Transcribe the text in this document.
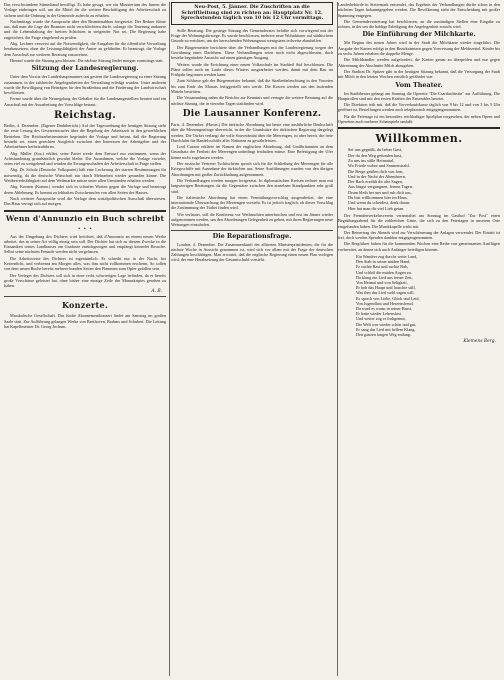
Das verschwundene Stimmband bewilligt. Es habe gesagt, wie ein Ministerium des Innern die Vorlage einbringen soll, um die Mittel für die weitere Beschäftigung der Arbeiterschaft zu sichern und die Ordnung in der Gemeinde aufrecht zu erhalten.

Nachmittags wurde die Aussprache über den Beamtenabbau fortgesetzt. Der Redner führte aus, daß man die Lage der Beamten nicht verschlechtern dürfe, solange die Teuerung andauere und die Lebenshaltung der breiten Schichten in steigender Not sei. Die Regierung habe zugesichert, die Frage eingehend zu prüfen.

Abg. Lechner verweist auf die Notwendigkeit, die Ausgaben für die öffentliche Verwaltung herabzusetzen, ohne die Leistungsfähigkeit der Ämter zu gefährden. Er beantragt, die Vorlage dem Ausschuß zur weiteren Beratung zuzuweisen.

Hierauf wurde die Sitzung geschlossen. Die nächste Sitzung findet morgen vormittags statt.

Sitzung der Landesregierung.

Unter dem Vorsitz des Landeshauptmannes trat gestern die Landesregierung zu einer Sitzung zusammen, in der zahlreiche Angelegenheiten der Verwaltung erledigt wurden. Unter anderem wurde die Bewilligung von Beiträgen für den Straßenbau und die Förderung der Landwirtschaft beschlossen.

Ferner wurde über die Neuregelung der Gehälter für die Landesangestellten beraten und ein Ausschuß mit der Ausarbeitung der Vorschläge betraut.

Reichstag.

Berlin, 4. Dezember. (Eigener Drahtbericht.) Auf der Tagesordnung der heutigen Sitzung steht die erste Lesung des Gesetzentwurfes über die Regelung der Arbeitszeit in den gewerblichen Betrieben. Der Reichsarbeitsminister begründet die Vorlage und betont, daß die Regierung bestrebt sei, einen gerechten Ausgleich zwischen den Interessen der Arbeitgeber und der Arbeitnehmer herbeizuführen.

Abg. Müller (Soz.) erklärt, seine Partei werde dem Entwurf nur zustimmen, wenn der Achtstundentag grundsätzlich gewahrt bleibe. Die Ausnahmen, welche die Vorlage vorsehe, seien viel zu weitgehend und würden die Errungenschaften der Arbeiterschaft in Frage stellen.

Abg. Dr. Scholz (Deutsche Volkspartei) hält eine Lockerung der starren Bestimmungen für notwendig, da die deutsche Wirtschaft nur durch Mehrarbeit wieder gesunden könne. Die Wettbewerbsfähigkeit auf dem Weltmarkte müsse unter allen Umständen erhalten werden.

Abg. Koenen (Komm.) wendet sich in scharfen Worten gegen die Vorlage und beantragt deren Ablehnung. Es kommt zu lebhaften Zwischenrufen von allen Seiten des Hauses.

Nach weiterer Aussprache wird die Vorlage dem sozialpolitischen Ausschuß überwiesen. Das Haus vertagt sich auf morgen.

Wenn d'Annunzio ein Buch schreibt . . .

Aus der Umgebung des Dichters wird berichtet, daß d'Annunzio an einem neuen Werke arbeitet, das in seiner Art völlig einzig sein soll. Der Dichter hat sich zu diesem Zwecke in die Einsamkeit seines Landhauses am Gardasee zurückgezogen und empfängt keinerlei Besuche. Selbst seine nächsten Freunde werden nicht vorgelassen.

Die Arbeitsweise des Dichters ist eigentümlich. Er schreibt nur in der Nacht, bei Kerzenlicht, und verbrennt am Morgen alles, was ihm nicht vollkommen erscheint. So sollen von dem neuen Buche bereits mehrere hundert Seiten den Flammen zum Opfer gefallen sein.

Der Verleger des Dichters soll sich in einer recht schwierigen Lage befinden, da er bereits große Vorschüsse geleistet hat, ohne bisher eine einzige Zeile des Manuskriptes gesehen zu haben.

A. B.
Konzerte.

Musikalische Gesellschaft. Das fünfte Abonnementkonzert findet am Samstag im großen Saale statt. Zur Aufführung gelangen Werke von Beethoven, Brahms und Schubert. Die Leitung hat Kapellmeister Dr. Georg Jochum.

Neu-Post, 5. Jänner. Die Zuschriften an die Schriftleitung sind zu richten an: Hauptplatz Nr. 12. Sprechstunden täglich von 10 bis 12 Uhr vormittags.

Stille Beratung. Die gestrige Sitzung des Gemeinderates befaßte sich vorwiegend mit der Frage der Wohnungsfürsorge. Es wurde beschlossen, mehrere neue Wohnhäuser auf städtischem Grunde zu errichten, um der herrschenden Wohnungsnot wenigstens teilweise abzuhelfen.

Der Bürgermeister berichtete über die Verhandlungen mit der Landesregierung wegen der Gewährung eines Darlehens. Diese Verhandlungen seien noch nicht abgeschlossen, doch bestehe begründete Aussicht auf einen günstigen Ausgang.

Weiters wurde die Errichtung einer neuen Volksschule im Stadtteil Süd beschlossen. Die Pläne sollen noch im Laufe dieses Winters ausgearbeitet werden, damit mit dem Bau im Frühjahr begonnen werden kann.

Zum Schlusse gab der Bürgermeister bekannt, daß die Straßenbeleuchtung in den Vororten bis zum Ende des Monats fertiggestellt sein werde. Die Kosten werden aus den laufenden Mitteln bestritten.

Die Versammlung nahm die Berichte zur Kenntnis und vertagte die weitere Beratung auf die nächste Sitzung, die in vierzehn Tagen stattfinden wird.

Die Lausanner Konferenz.

Paris, 4. Dezember. (Havas.) Die türkische Abordnung hat heute eine ausführliche Denkschrift über die Meerengenfrage überreicht, in der die Grundsätze der türkischen Regierung dargelegt werden. Die Türkei verlangt die volle Souveränität über die Meerengen, ist aber bereit, die freie Durchfahrt für Handelsschiffe aller Nationen zu gewährleisten.

Lord Curzon erklärte im Namen der englischen Abordnung, daß Großbritannien an dem Grundsatz der Freiheit der Meerengen unbedingt festhalten müsse. Eine Befestigung der Ufer könne nicht zugelassen werden.

Der russische Vertreter Tschitscherin sprach sich für die Schließung der Meerengen für alle Kriegsschiffe mit Ausnahme der türkischen aus. Seine Ausführungen wurden von den übrigen Abordnungen mit großer Zurückhaltung aufgenommen.

Die Verhandlungen werden morgen fortgesetzt. In diplomatischen Kreisen rechnet man mit langwierigen Beratungen, da die Gegensätze zwischen den einzelnen Standpunkten sehr groß sind.

Die italienische Abordnung hat einen Vermittlungsvorschlag ausgearbeitet, der eine internationale Überwachung der Meerengen vorsieht. Es ist jedoch fraglich, ob dieser Vorschlag die Zustimmung der Türkei finden wird.

Wie verlautet, soll die Konferenz vor Weihnachten unterbrochen und erst im Jänner wieder aufgenommen werden, um den Abordnungen Gelegenheit zu geben, mit ihren Regierungen neue Weisungen einzuholen.

Die Reparationsfrage.

London, 4. Dezember. Die Zusammenkunft der alliierten Ministerpräsidenten, die für die nächste Woche in Aussicht genommen ist, wird sich vor allem mit der Frage der deutschen Zahlungen beschäftigen. Man erwartet, daß die englische Regierung einen neuen Plan vorlegen wird, der eine Herabsetzung der Gesamtschuld vorsieht.

Landesbehörde in Steiermark entsendet, das Ergebnis der Verhandlungen dürfte schon in den nächsten Tagen bekanntgegeben werden. Die Bevölkerung sieht der Entscheidung mit großer Spannung entgegen.

Die Gemeindevertretung hat beschlossen, an die zuständigen Stellen eine Eingabe zu richten, in der um die baldige Erledigung der Angelegenheit ersucht wird.

Die Einführung der Milchkarte.

Mit Beginn des neuen Jahres wird in der Stadt die Milchkarte wieder eingeführt. Die Ausgabe der Karten erfolgt in den Bezirksämtern gegen Vorweisung der Meldezettel. Kinder bis zu sechs Jahren erhalten die doppelte Menge.

Die Milchhändler werden aufgefordert, die Karten genau zu überprüfen und nur gegen Abtrennung der Abschnitte Milch abzugeben.

Der Stadtrat Dr. Spitzer gibt in der heutigen Sitzung bekannt, daß die Versorgung der Stadt mit Milch in den letzten Wochen ernstlich gefährdet war.

Vom Theater.

Im Stadttheater gelangt am Sonntag die Operette "Die Csardasfürstin" zur Aufführung. Die Hauptrollen sind mit den ersten Kräften des Ensembles besetzt.

Die Direktion teilt mit, daß die Vorverkaufskasse täglich von 9 bis 12 und von 3 bis 5 Uhr geöffnet ist. Bestellungen werden auch telephonisch entgegengenommen.

Für die Feiertage ist ein besonders reichhaltiger Spielplan vorgesehen, der neben Opern und Operetten auch mehrere Schauspiele umfaßt.

Willkommen.
Sei uns gegrüßt, du lieber Gast,
Der du den Weg gefunden hast,
Zu uns ins stille Heimattal,
Wo Friede wohnt und Sonnenstrahl.
Die Berge grüßen dich von fern,
Und in der Nacht der Abendstern,
Der Bach erzählt dir alte Sagen,
Aus längst vergangnen, fernen Tagen.
Drum bleib bei uns und ruh dich aus,
Du bist willkommen hier im Haus,
Und wenn du scheidest, denk daran:
Hier hat man dir viel Lieb getan.

Der Fremdenverkehrsverein veranstaltet am Sonntag im Gasthof "Zur Post" einen Begrüßungsabend für die zahlreichen Gäste, die sich zu den Feiertagen in unserem Orte eingefunden haben. Die Musikkapelle wirkt mit.

Der Reinertrag des Abends wird zur Verschönerung der Anlagen verwendet. Der Eintritt ist frei, doch werden Spenden dankbar entgegengenommen.

Die Bergführer haben für die kommenden Wochen eine Reihe von gemeinsamen Ausflügen vorbereitet, an denen sich auch Anfänger beteiligen können.

Ein Wandrer zog durchs weite Land,
Den Stab in seiner müden Hand,
Er suchte Rast und suchte Ruh,
Und schloß die müden Augen zu.
Da klang ein Lied aus ferner Zeit,
Von Heimat und von Seligkeit,
Er hob das Haupt und lauschte still,
Was ihm das Lied wohl sagen will.
Es sprach von Liebe, Glück und Leid,
Von Jugendlust und Herzensfreud,
Da ward es warm in seiner Brust,
Er hatte wieder Lebenslust.
Und weiter zog er frohgemut,
Die Welt war wieder schön und gut,
Er sang das Lied mit hellem Klang,
Den ganzen langen Weg entlang.
Klemens Berg.
